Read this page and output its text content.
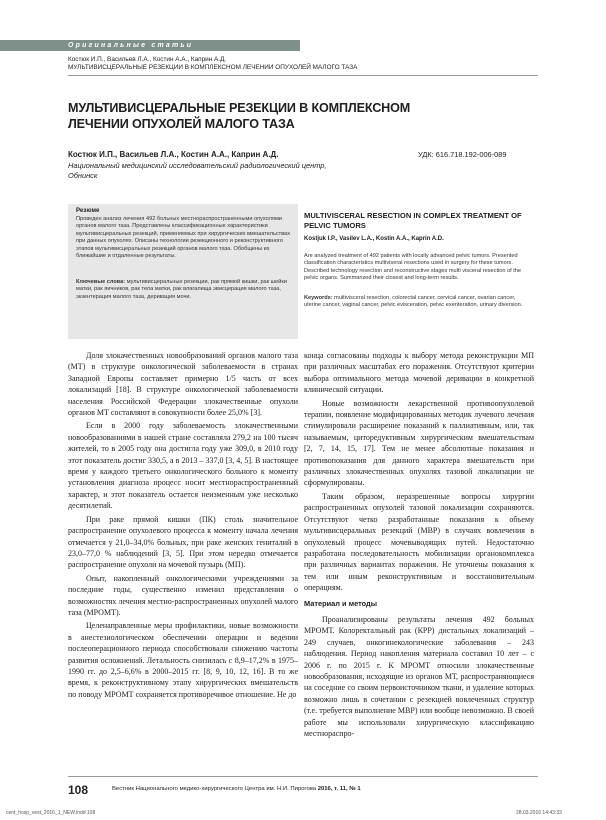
Оригинальные статьи
Костюк И.П., Васильев Л.А., Костин А.А., Каприн А.Д.
МУЛЬТИВИСЦЕРАЛЬНЫЕ РЕЗЕКЦИИ В КОМПЛЕКСНОМ ЛЕЧЕНИИ ОПУХОЛЕЙ МАЛОГО ТАЗА
МУЛЬТИВИСЦЕРАЛЬНЫЕ РЕЗЕКЦИИ В КОМПЛЕКСНОМ ЛЕЧЕНИИ ОПУХОЛЕЙ МАЛОГО ТАЗА
Костюк И.П., Васильев Л.А., Костин А.А., Каприн А.Д.
Национальный медицинский исследовательский радиологический центр, Обнинск
УДК: 616.718.192-006-089
Резюме
Проведен анализ лечения 492 больных местнораспространенными опухолями органов малого таза. Представлены классификационные характеристики мультивисцеральных резекций, применяемых при хирургических вмешательствах при данных опухолях. Описаны технологии резекционного и реконструктивного этапов мультивисцеральных резекций органов малого таза. Обобщены их ближайшие и отдаленные результаты.
Ключевые слова: мультивисцеральные резекции, рак прямой кишки, рак шейки матки, рак яичников, рак тела матки, рак влагалища эвисцерация малого таза, экзентерация малого таза, деривация мочи.
MULTIVISCERAL RESECTION IN COMPLEX TREATMENT OF PELVIC TUMORS
Kostjuk I.P., Vasilev L.A., Kostin A.A., Kaprin A.D.
Are analyzed treatment of 492 patients with locally advanced pelvic tumors. Presented classification characteristics multiviseral resections used in surgery for these tumors. Described technology resection and reconstructive stages multi visceral resection of the pelvic organs. Summarized their closest and long-term results.
Keywords: multivisceral resection, colorectal cancer, cervical cancer, ovarian cancer, uterine cancer, vaginal cancer, pelvic evisceration, pelvic exenteration, urinary diversion.

Доля злокачественных новообразований органов малого таза (МТ) в структуре онкологической заболеваемости в странах Западной Европы составляет примерно 1/5 часть от всех локализаций [18]. В структуре онкологической заболеваемости населения Российской Федерации злокачественные опухоли органов МТ составляют в совокупности более 25,0% [3].

Если в 2000 году заболеваемость злокачественными новообразованиями в нашей стране составляла 279,2 на 100 тысяч жителей, то в 2005 году она достигла году уже 309,0, в 2010 году этот показатель достиг 330,5, а в 2013 – 337,0 [3, 4, 5]. В настоящее время у каждого третьего онкологического больного к моменту установления диагноза процесс носит местнораспространенный характер, и этот показатель остается неизменным уже несколько десятилетий.

При раке прямой кишки (ПК) столь значительное распространение опухолевого процесса к моменту начала лечения отмечается у 21,0–34,0% больных, при раке женских гениталий в 23,0–77,0 % наблюдений [3, 5]. При этом нередко отмечается распространение опухоли на мочевой пузырь (МП).

Опыт, накопленный онкологическими учреждениями за последние годы, существенно изменил представления о возможностях лечения местно-распространенных опухолей малого таза (МРОМТ).

Целенаправленные меры профилактики, новые возможности в анестезиологическом обеспечении операции и ведении послеоперационного периода способствовали снижению частоты развития осложнений. Летальность снизилась с 8,9–17,2% в 1975–1990 гг. до 2,5–6,6% в 2000–2015 гг. [8, 9, 10, 12, 16]. В то же время, к реконструктивному этапу хирургических вмешательств по поводу МРОМТ сохраняется противоречивое отношение. Не до

конца согласованы подходы к выбору метода реконструкции МП при различных масштабах его поражения. Отсутствуют критерии выбора оптимального метода мочевой деривации в конкретной клинической ситуации.

Новые возможности лекарственной противоопухолевой терапии, появление модифицированных методик лучевого лечения стимулировали расширение показаний к паллиативным, или, так называемым, циторедуктивным хирургическим вмешательствам [2, 7, 14, 15, 17]. Тем не менее абсолютные показания и противопоказания для данного характера вмешательств при различных злокачественных опухолях тазовой локализации не сформулированы.

Таким образом, неразрешенные вопросы хирургии распространенных опухолей тазовой локализации сохраняются. Отсутствуют четко разработанные показания к объему мультивисцеральных резекций (МВР) в случаях вовлечения в опухолевый процесс мочевыводящих путей. Недостаточно разработана последовательность мобилизации органокомплекса при различных вариантах поражения. Не уточнены показания к тем или иным реконструктивным и восстановительным операциям.

Материал и методы

Проанализированы результаты лечения 492 больных МРОМТ. Колоректальный рак (КРР) дистальных локализаций – 249 случаев, онкогинекологические заболевания – 243 наблюдения. Период накопления материала составил 10 лет – с 2006 г. по 2015 г. К МРОМТ относили злокачественные новообразования, исходящие из органов МТ, распространяющиеся на соседние со своим первоисточником ткани, и удаление которых возможно лишь в сочетании с резекцией вовлеченных структур (т.е. требуется выполнение МВР) или вообще невозможно. В своей работе мы использовали хирургическую классификацию местнораспро-

108	Вестник Национального медико-хирургического Центра им. Н.И. Пирогова 2016, т. 11, № 1
cent_hosp_vest_2016_1_NEW.indd 108	28.03.2016 14:43:33
